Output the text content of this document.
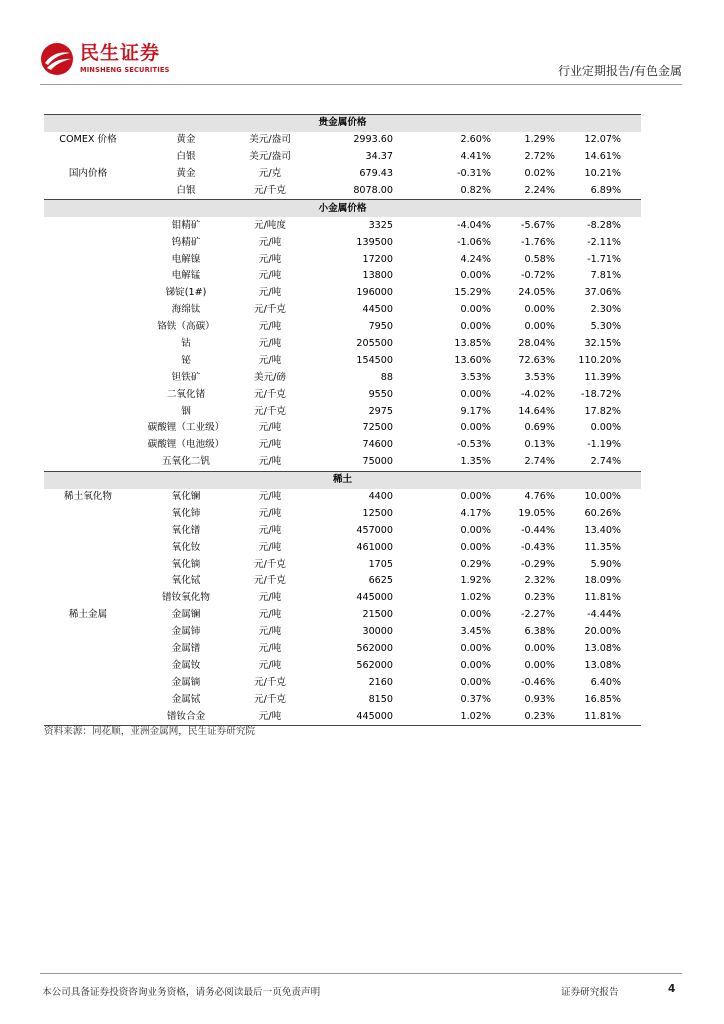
民生证券
MINSHENG SECURITIES	行业定期报告/有色金属
贵金属价格						
COMEX 价格	黄金	美元/盎司	2993.60	2.60%	1.29%	12.07%
	白银	美元/盎司	34.37	4.41%	2.72%	14.61%
国内价格	黄金	元/克	679.43	-0.31%	0.02%	10.21%
	白银	元/千克	8078.00	0.82%	2.24%	6.89%
小金属价格						
	钼精矿	元/吨度	3325	-4.04%	-5.67%	-8.28%
	钨精矿	元/吨	139500	-1.06%	-1.76%	-2.11%
	电解镍	元/吨	17200	4.24%	0.58%	-1.71%
	电解锰	元/吨	13800	0.00%	-0.72%	7.81%
	锑锭(1#)	元/吨	196000	15.29%	24.05%	37.06%
	海绵钛	元/千克	44500	0.00%	0.00%	2.30%
	铬铁（高碳）	元/吨	7950	0.00%	0.00%	5.30%
	钴	元/吨	205500	13.85%	28.04%	32.15%
	铋	元/吨	154500	13.60%	72.63%	110.20%
	钽铁矿	美元/磅	88	3.53%	3.53%	11.39%
	二氧化锗	元/千克	9550	0.00%	-4.02%	-18.72%
	铟	元/千克	2975	9.17%	14.64%	17.82%
	碳酸锂（工业级）	元/吨	72500	0.00%	0.69%	0.00%
	碳酸锂（电池级）	元/吨	74600	-0.53%	0.13%	-1.19%
	五氧化二钒	元/吨	75000	1.35%	2.74%	2.74%
稀土						
稀土氧化物	氧化镧	元/吨	4400	0.00%	4.76%	10.00%
	氧化铈	元/吨	12500	4.17%	19.05%	60.26%
	氧化镨	元/吨	457000	0.00%	-0.44%	13.40%
	氧化钕	元/吨	461000	0.00%	-0.43%	11.35%
	氧化镝	元/千克	1705	0.29%	-0.29%	5.90%
	氧化铽	元/千克	6625	1.92%	2.32%	18.09%
	镨钕氧化物	元/吨	445000	1.02%	0.23%	11.81%
稀土金属	金属镧	元/吨	21500	0.00%	-2.27%	-4.44%
	金属铈	元/吨	30000	3.45%	6.38%	20.00%
	金属镨	元/吨	562000	0.00%	0.00%	13.08%
	金属钕	元/吨	562000	0.00%	0.00%	13.08%
	金属镝	元/千克	2160	0.00%	-0.46%	6.40%
	金属铽	元/千克	8150	0.37%	0.93%	16.85%
	镨钕合金	元/吨	445000	1.02%	0.23%	11.81%
资料来源：同花顺，亚洲金属网，民生证券研究院
本公司具备证券投资咨询业务资格，请务必阅读最后一页免责声明	证券研究报告	4
